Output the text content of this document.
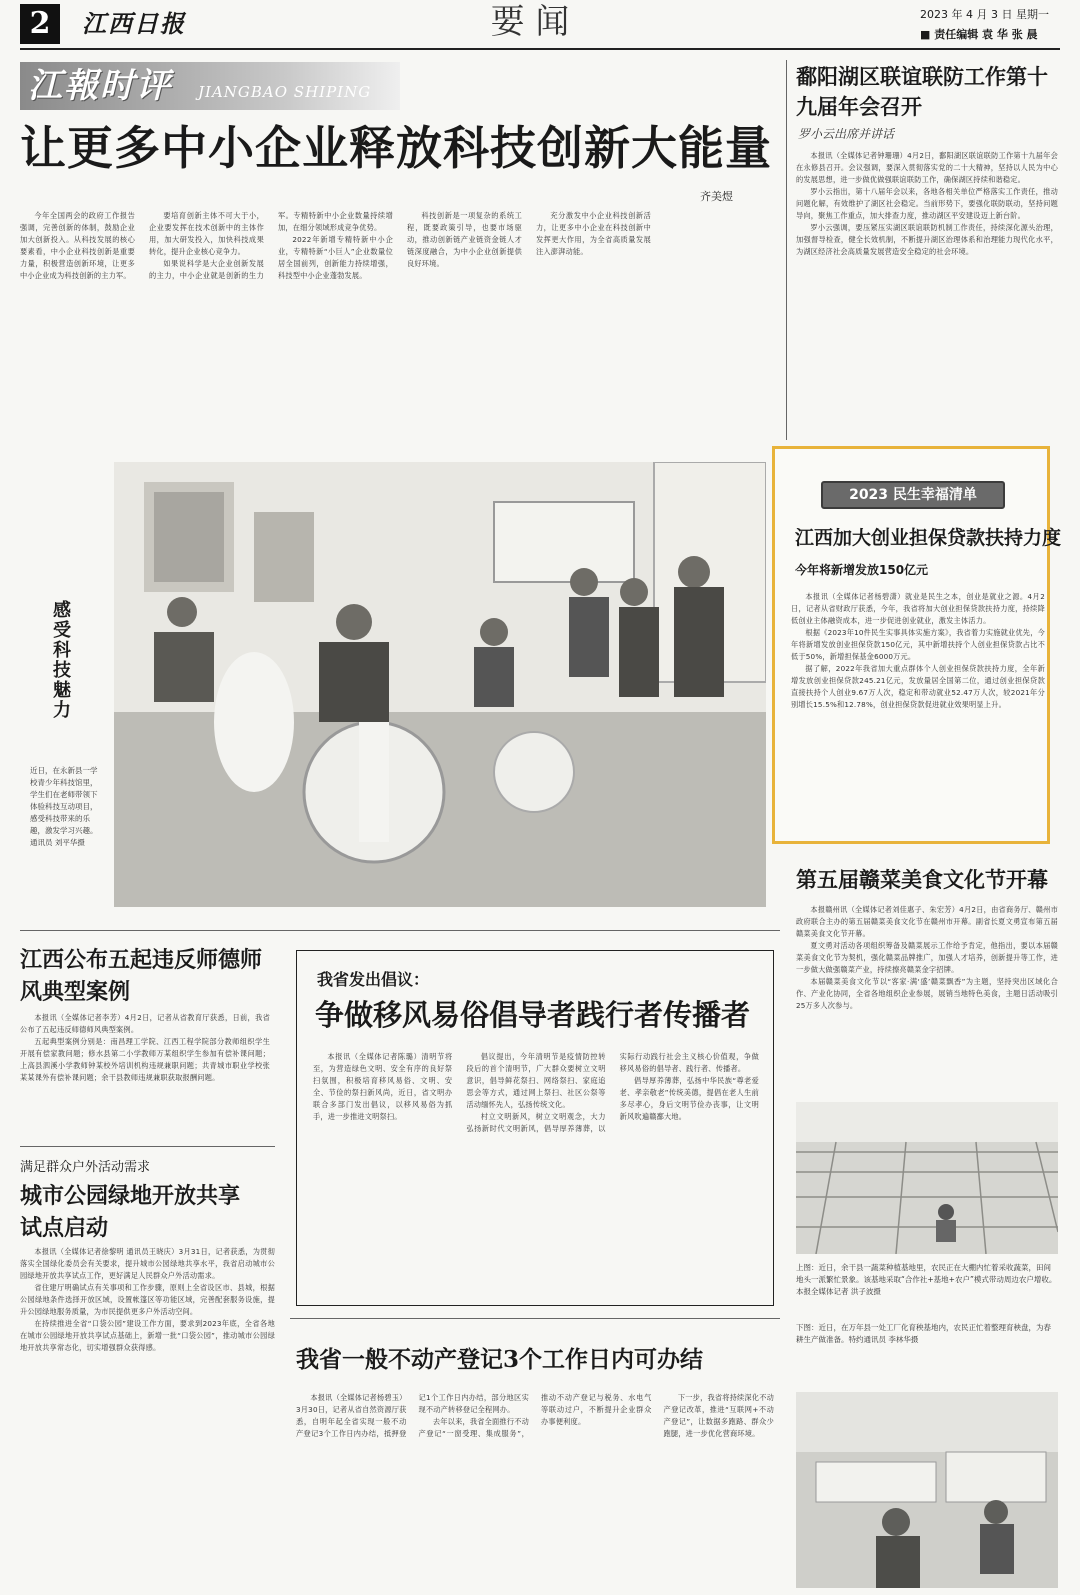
2	江西日报	要 闻	2023 年 4 月 3 日 星期一
■ 责任编辑 袁 华 张 晨
江報时评 JIANGBAO SHIPING
让更多中小企业释放科技创新大能量
齐美煜

今年全国两会的政府工作报告强调，完善创新的体制，鼓励企业加大创新投入。从科技发展的核心要素看，中小企业科技创新是重要力量，积极营造创新环境，让更多中小企业成为科技创新的主力军。

要培育创新主体不可大于小，企业要发挥在技术创新中的主体作用，加大研发投入，加快科技成果转化，提升企业核心竞争力。

如果说科学是大企业创新发展的主力，中小企业就是创新的生力军。专精特新中小企业数量持续增加，在细分领域形成竞争优势。

2022年新增专精特新中小企业，专精特新“小巨人”企业数量位居全国前列，创新能力持续增强，科技型中小企业蓬勃发展。

科技创新是一项复杂的系统工程，既要政策引导，也要市场驱动，推动创新链产业链资金链人才链深度融合，为中小企业创新提供良好环境。

充分激发中小企业科技创新活力，让更多中小企业在科技创新中发挥更大作用，为全省高质量发展注入澎湃动能。

鄱阳湖区联谊联防工作第十九届年会召开
罗小云出席并讲话

本报讯（全媒体记者钟珊珊）4月2日，鄱阳湖区联谊联防工作第十九届年会在永修县召开。会议强调，要深入贯彻落实党的二十大精神，坚持以人民为中心的发展思想，进一步做优做强联谊联防工作，确保湖区持续和谐稳定。

罗小云指出，第十八届年会以来，各地各相关单位严格落实工作责任，推动问题化解，有效维护了湖区社会稳定。当前形势下，要强化联防联动，坚持问题导向，聚焦工作重点，加大排查力度，推动湖区平安建设迈上新台阶。

罗小云强调，要压紧压实湖区联谊联防机制工作责任，持续深化源头治理，加强督导检查，健全长效机制，不断提升湖区治理体系和治理能力现代化水平，为湖区经济社会高质量发展营造安全稳定的社会环境。

感受科技魅力
近日，在永新县一学校青少年科技馆里，学生们在老师带领下体验科技互动项目，感受科技带来的乐趣，激发学习兴趣。通讯员 刘平华摄
2023 民生幸福清单
江西加大创业担保贷款扶持力度
今年将新增发放150亿元

本报讯（全媒体记者杨碧潇）就业是民生之本，创业是就业之源。4月2日，记者从省财政厅获悉，今年，我省将加大创业担保贷款扶持力度，持续降低创业主体融资成本，进一步促进创业就业，激发主体活力。

根据《2023年10件民生实事具体实施方案》，我省着力实施就业优先，今年将新增发放创业担保贷款150亿元，其中新增扶持个人创业担保贷款占比不低于50%，新增担保基金6000万元。

据了解，2022年我省加大重点群体个人创业担保贷款扶持力度，全年新增发放创业担保贷款245.21亿元，发放量居全国第二位，通过创业担保贷款直接扶持个人创业9.67万人次，稳定和带动就业52.47万人次，较2021年分别增长15.5%和12.78%，创业担保贷款促进就业效果明显上升。

第五届赣菜美食文化节开幕

本报赣州讯（全媒体记者刘佳惠子、朱宏芳）4月2日，由省商务厅、赣州市政府联合主办的第五届赣菜美食文化节在赣州市开幕。副省长夏文勇宣布第五届赣菜美食文化节开幕。

夏文勇对活动各项组织筹备及赣菜展示工作给予肯定，他指出，要以本届赣菜美食文化节为契机，强化赣菜品牌推广，加强人才培养，创新提升等工作，进一步做大做强赣菜产业，持续擦亮赣菜金字招牌。

本届赣菜美食文化节以“客家·满‘盛’赣菜飘香”为主题，坚持突出区域化合作、产业化协同，全省各地组织企业参展，展销当地特色美食，主题日活动吸引25万多人次参与。

江西公布五起违反师德师风典型案例

本报讯（全媒体记者李芳）4月2日，记者从省教育厅获悉，日前，我省公布了五起违反师德师风典型案例。

五起典型案例分别是：南昌理工学院、江西工程学院部分教师组织学生开展有偿家教问题；修水县第二小学教师万某组织学生参加有偿补课问题；上高县泗溪小学教师钟某校外培训机构违规兼职问题；共青城市职业学校张某某课外有偿补课问题；余干县教师违规兼职获取报酬问题。

满足群众户外活动需求
城市公园绿地开放共享试点启动

本报讯（全媒体记者徐黎明 通讯员王晓庆）3月31日，记者获悉，为贯彻落实全国绿化委员会有关要求，提升城市公园绿地共享水平，我省启动城市公园绿地开放共享试点工作，更好满足人民群众户外活动需求。

省住建厅明确试点有关事项和工作步骤，原则上全省设区市、县城，根据公园绿地条件选择开放区域，设置帐篷区等功能区域，完善配套服务设施，提升公园绿地服务质量，为市民提供更多户外活动空间。

在持续推进全省“口袋公园”建设工作方面，要求到2023年底，全省各地在城市公园绿地开放共享试点基础上，新增一批“口袋公园”，推动城市公园绿地开放共享常态化，切实增强群众获得感。

我省发出倡议：
争做移风易俗倡导者践行者传播者

本报讯（全媒体记者陈璐）清明节将至，为营造绿色文明、安全有序的良好祭扫氛围，积极培育移风易俗、文明、安全、节俭的祭扫新风尚，近日，省文明办联合多部门发出倡议，以移风易俗为抓手，进一步推进文明祭扫。

倡议提出，今年清明节是疫情防控转段后的首个清明节，广大群众要树立文明意识，倡导鲜花祭扫、网络祭扫、家庭追思会等方式，通过网上祭扫、社区公祭等活动缅怀先人，弘扬传统文化。

村立文明新风，树立文明观念，大力弘扬新时代文明新风，倡导厚养薄葬，以实际行动践行社会主义核心价值观，争做移风易俗的倡导者、践行者、传播者。

倡导厚养薄葬，弘扬中华民族“尊老爱老、孝亲敬老”传统美德，提倡在老人生前多尽孝心，身后文明节俭办丧事，让文明新风吹遍赣鄱大地。

我省一般不动产登记3个工作日内可办结

本报讯（全媒体记者杨碧玉）3月30日，记者从省自然资源厅获悉，自明年起全省实现一般不动产登记3个工作日内办结，抵押登记1个工作日内办结，部分地区实现不动产转移登记全程网办。

去年以来，我省全面推行不动产登记“一窗受理、集成服务”，推动不动产登记与税务、水电气等联动过户，不断提升企业群众办事便利度。

下一步，我省将持续深化不动产登记改革，推进“互联网+不动产登记”，让数据多跑路、群众少跑腿，进一步优化营商环境。

上图：近日，余干县一蔬菜种植基地里，农民正在大棚内忙着采收蔬菜，田间地头一派繁忙景象。该基地采取“合作社+基地+农户”模式带动周边农户增收。本报全媒体记者 洪子波摄
下图：近日，在万年县一处工厂化育秧基地内，农民正忙着整理育秧盘，为春耕生产做准备。特约通讯员 李林华摄
